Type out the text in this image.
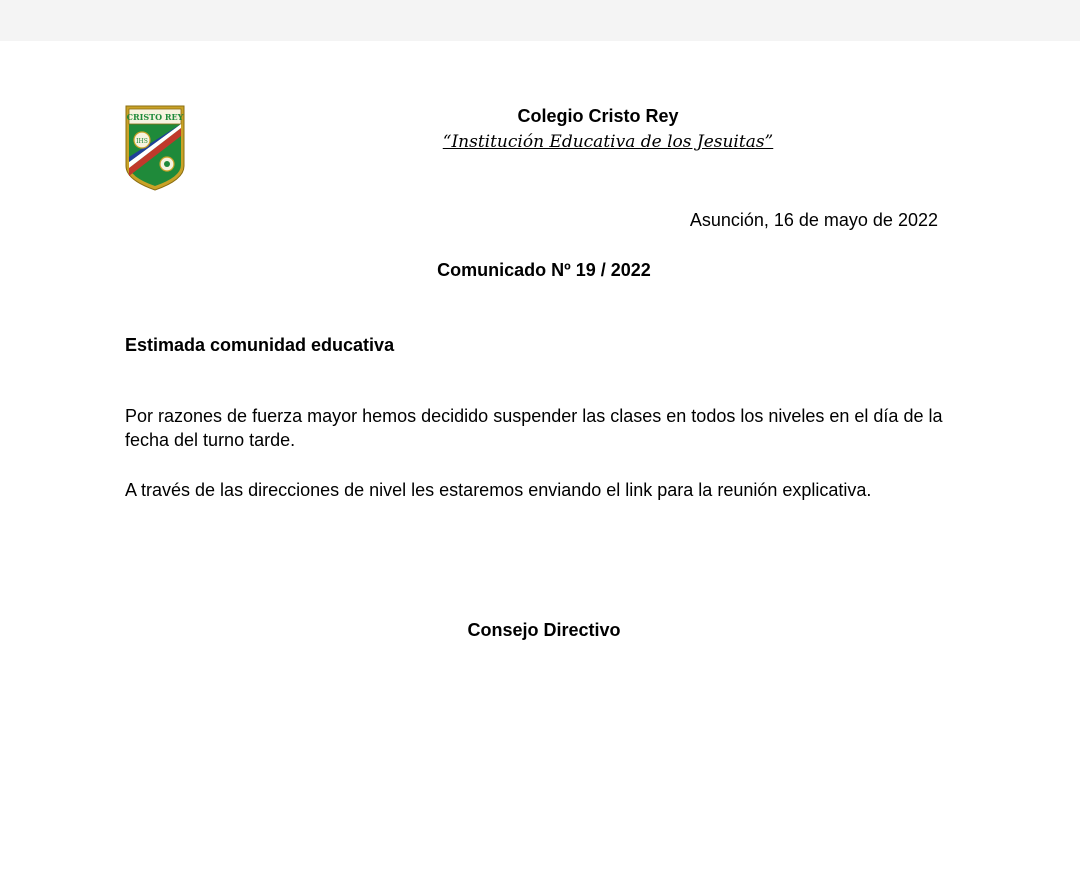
CRISTO REY
IHS
Colegio Cristo Rey
“Institución Educativa de los Jesuitas”
Asunción, 16 de mayo de 2022
Comunicado Nº 19 / 2022
Estimada comunidad educativa

Por razones de fuerza mayor hemos decidido suspender las clases en todos los niveles en el día de la fecha del turno tarde.

A través de las direcciones de nivel les estaremos enviando el link para la reunión explicativa.

Consejo Directivo
